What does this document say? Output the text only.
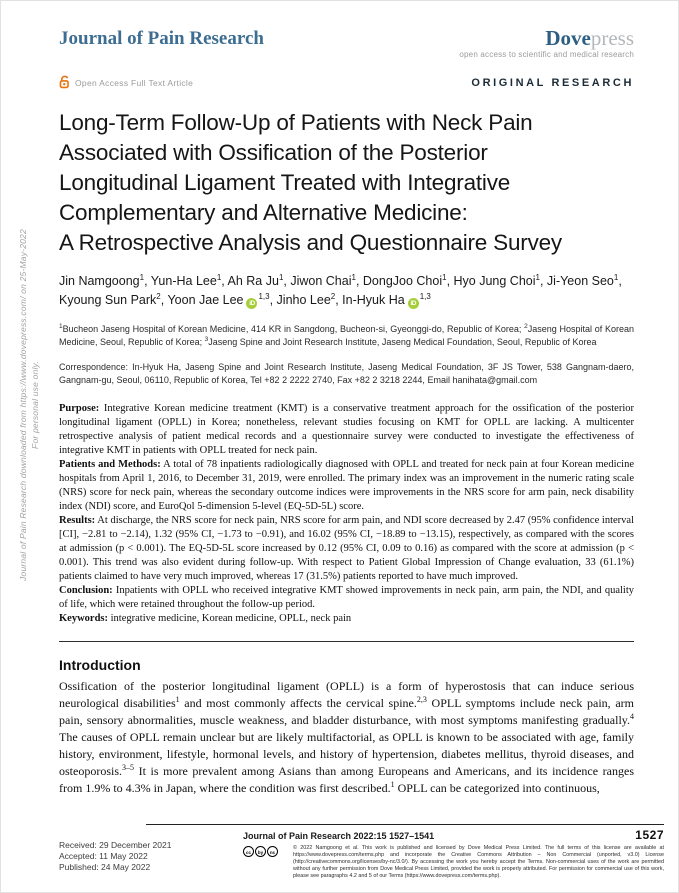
Journal of Pain Research downloaded from https://www.dovepress.com/ on 25-May-2022 For personal use only.
Journal of Pain Research	Dovepress
open access to scientific and medical research
Open Access Full Text Article	ORIGINAL RESEARCH
Long-Term Follow-Up of Patients with Neck Pain
Associated with Ossification of the Posterior
Longitudinal Ligament Treated with Integrative
Complementary and Alternative Medicine:
A Retrospective Analysis and Questionnaire Survey
Jin Namgoong$^1$, Yun-Ha Lee$^1$, Ah Ra Ju$^1$, Jiwon Chai$^1$, DongJoo Choi$^1$, Hyo Jung Choi$^1$, Ji-Yeon Seo$^1$,
Kyoung Sun Park$^2$, Yoon Jae Lee iD$^{1,3}$, Jinho Lee$^2$, In-Hyuk Ha iD$^{1,3}$
$^1$Bucheon Jaseng Hospital of Korean Medicine, 414 KR in Sangdong, Bucheon-si, Gyeonggi-do, Republic of Korea; $^2$Jaseng Hospital of Korean Medicine, Seoul, Republic of Korea; $^3$Jaseng Spine and Joint Research Institute, Jaseng Medical Foundation, Seoul, Republic of Korea
Correspondence: In-Hyuk Ha, Jaseng Spine and Joint Research Institute, Jaseng Medical Foundation, 3F JS Tower, 538 Gangnam-daero, Gangnam-gu, Seoul, 06110, Republic of Korea, Tel +82 2 2222 2740, Fax +82 2 3218 2244, Email hanihata@gmail.com

Purpose: Integrative Korean medicine treatment (KMT) is a conservative treatment approach for the ossification of the posterior longitudinal ligament (OPLL) in Korea; nonetheless, relevant studies focusing on KMT for OPLL are lacking. A multicenter retrospective analysis of patient medical records and a questionnaire survey were conducted to investigate the effectiveness of integrative KMT in patients with OPLL treated for neck pain.

Patients and Methods: A total of 78 inpatients radiologically diagnosed with OPLL and treated for neck pain at four Korean medicine hospitals from April 1, 2016, to December 31, 2019, were enrolled. The primary index was an improvement in the numeric rating scale (NRS) score for neck pain, whereas the secondary outcome indices were improvements in the NRS score for arm pain, neck disability index (NDI) score, and EuroQol 5-dimension 5-level (EQ-5D-5L) score.

Results: At discharge, the NRS score for neck pain, NRS score for arm pain, and NDI score decreased by 2.47 (95% confidence interval [CI], −2.81 to −2.14), 1.32 (95% CI, −1.73 to −0.91), and 16.02 (95% CI, −18.89 to −13.15), respectively, as compared with the scores at admission (p < 0.001). The EQ-5D-5L score increased by 0.12 (95% CI, 0.09 to 0.16) as compared with the score at admission (p < 0.001). This trend was also evident during follow-up. With respect to Patient Global Impression of Change evaluation, 33 (61.1%) patients claimed to have very much improved, whereas 17 (31.5%) patients reported to have much improved.

Conclusion: Inpatients with OPLL who received integrative KMT showed improvements in neck pain, arm pain, the NDI, and quality of life, which were retained throughout the follow-up period.

Keywords: integrative medicine, Korean medicine, OPLL, neck pain

Introduction

Ossification of the posterior longitudinal ligament (OPLL) is a form of hyperostosis that can induce serious neurological disabilities$^1$ and most commonly affects the cervical spine.$^{2,3}$ OPLL symptoms include neck pain, arm pain, sensory abnormalities, muscle weakness, and bladder disturbance, with most symptoms manifesting gradually.$^4$ The causes of OPLL remain unclear but are likely multifactorial, as OPLL is known to be associated with age, family history, environment, lifestyle, hormonal levels, and history of hypertension, diabetes mellitus, thyroid diseases, and osteoporosis.$^{3-5}$ It is more prevalent among Asians than among Europeans and Americans, and its incidence ranges from 1.9% to 4.3% in Japan, where the condition was first described.$^1$ OPLL can be categorized into continuous,

Received: 29 December 2021
Accepted: 11 May 2022
Published: 24 May 2022
Journal of Pain Research 2022:15 1527–1541	1527
cc	by	nc

© 2022 Namgoong et al. This work is published and licensed by Dove Medical Press Limited. The full terms of this license are available at https://www.dovepress.com/terms.php and incorporate the Creative Commons Attribution – Non Commercial (unported, v3.0) License (http://creativecommons.org/licenses/by-nc/3.0/). By accessing the work you hereby accept the Terms. Non-commercial uses of the work are permitted without any further permission from Dove Medical Press Limited, provided the work is properly attributed. For permission for commercial use of this work, please see paragraphs 4.2 and 5 of our Terms (https://www.dovepress.com/terms.php).
